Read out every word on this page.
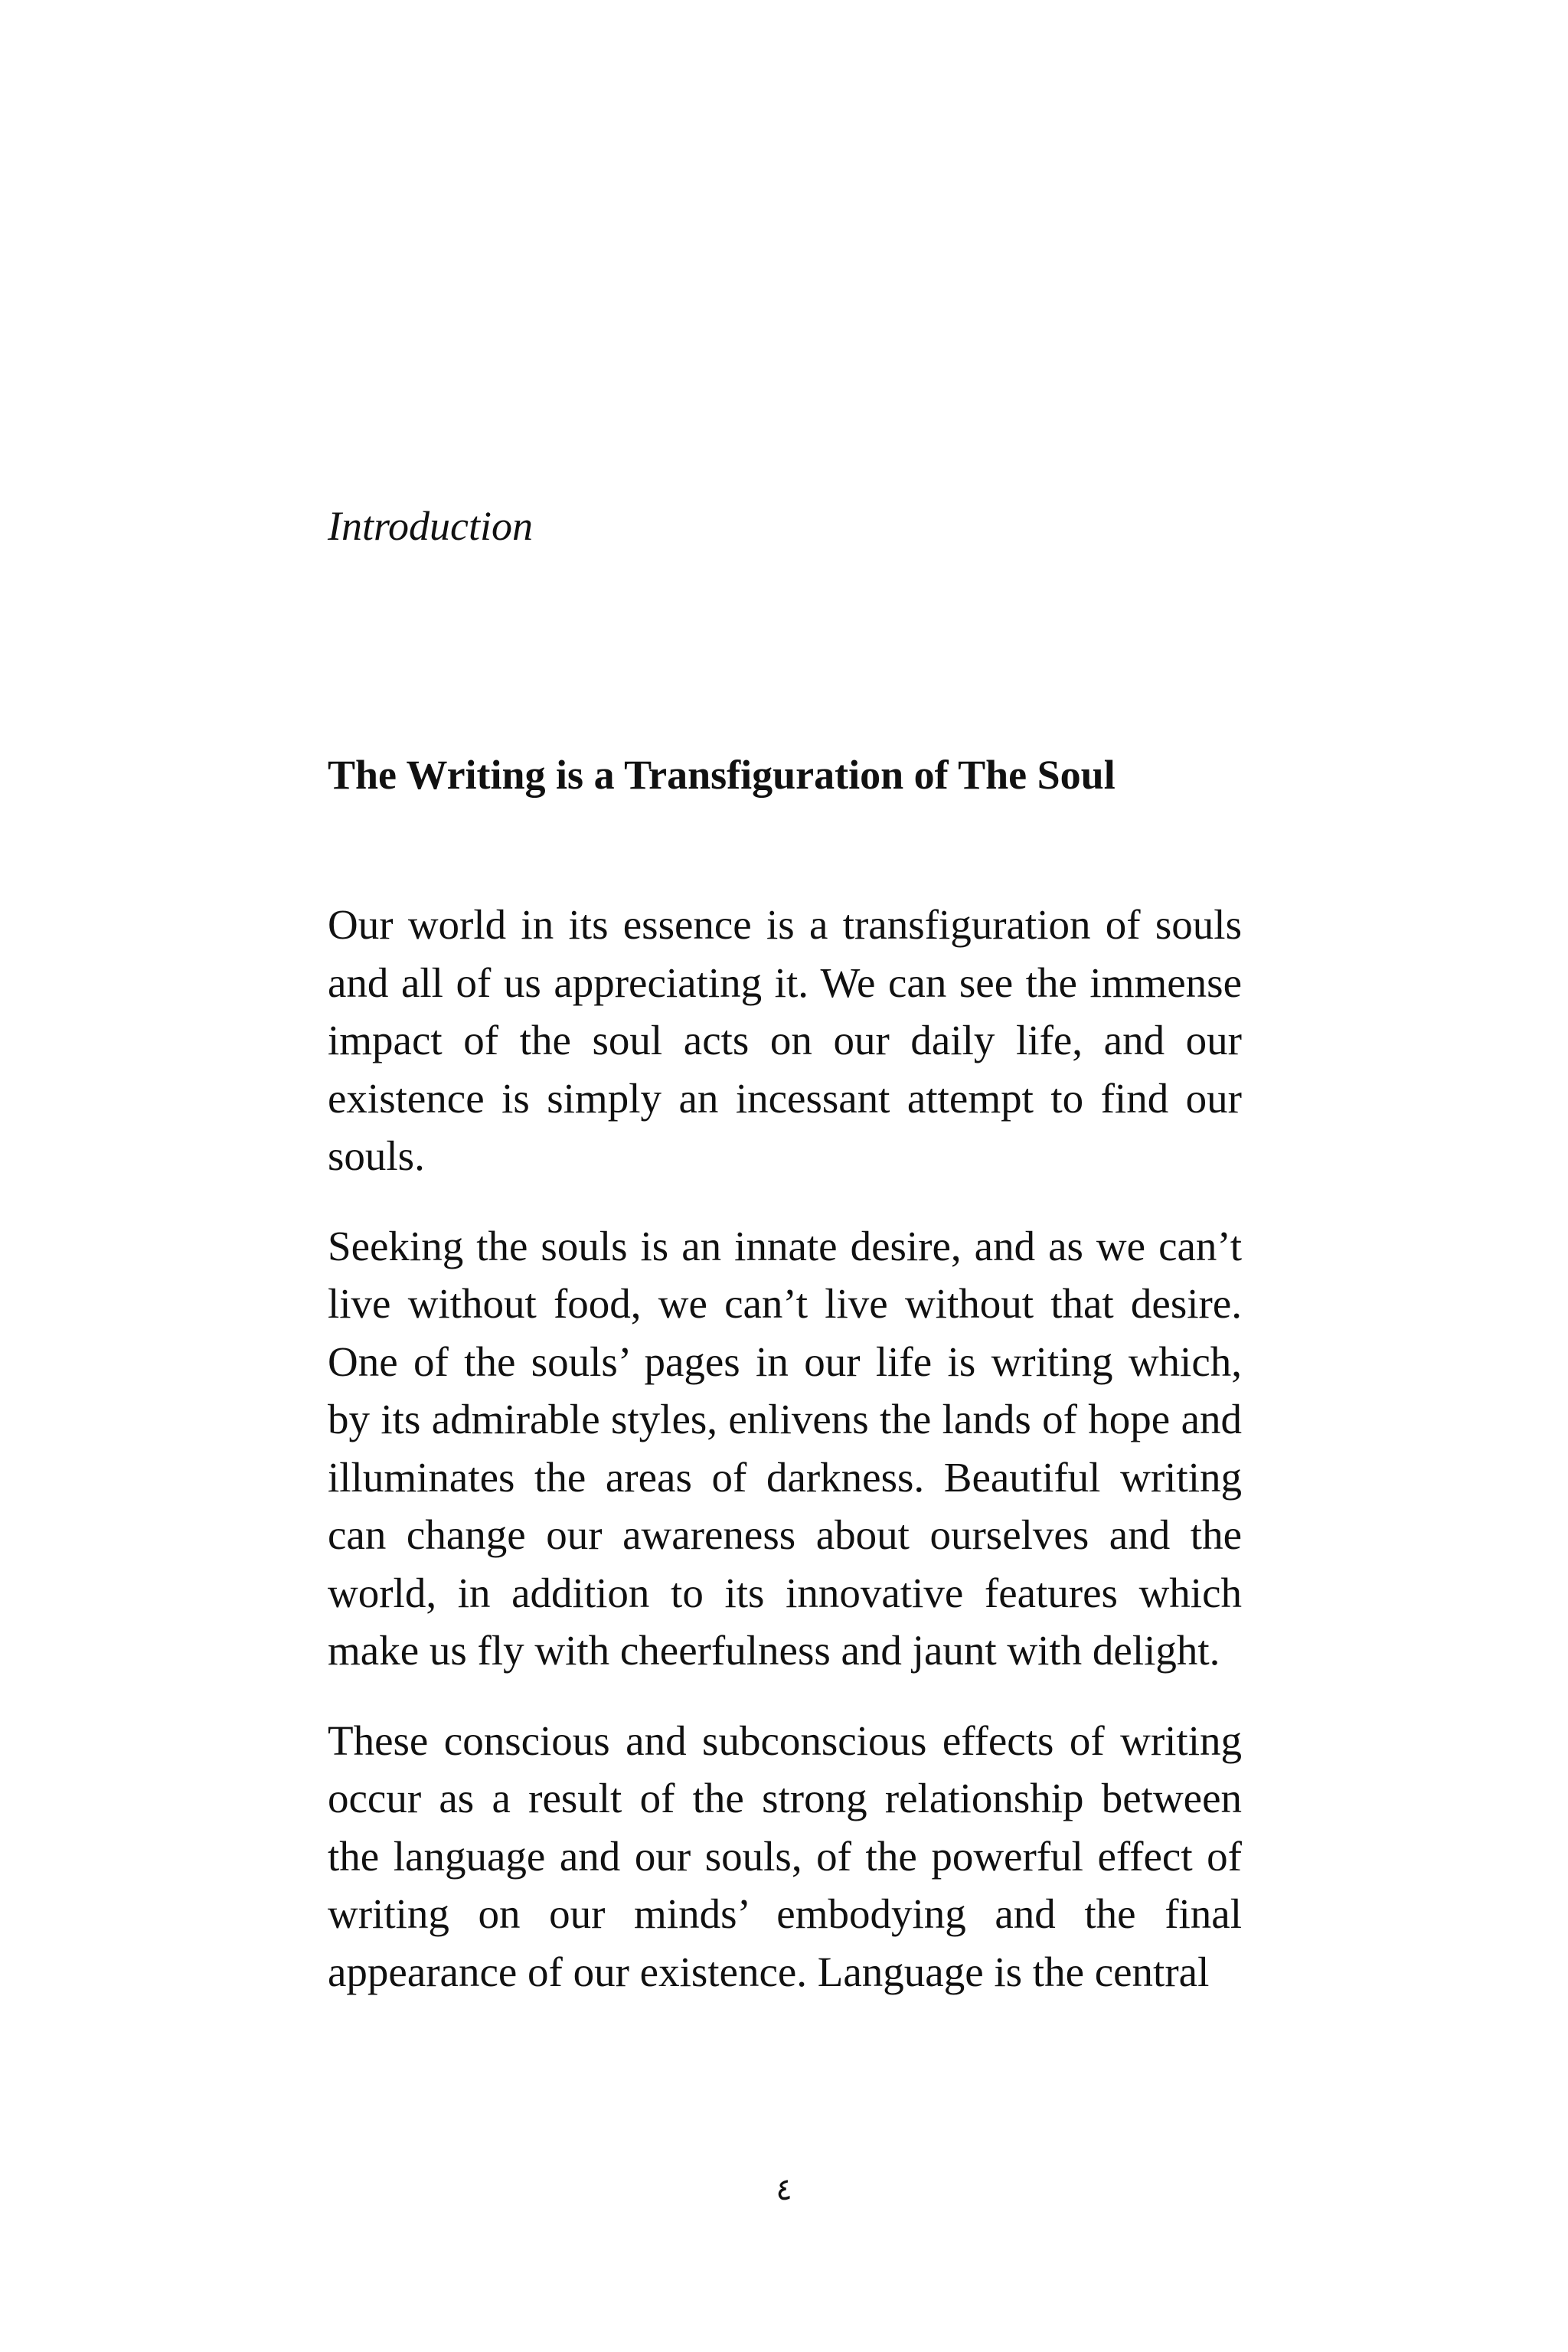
Introduction
The Writing is a Transfiguration of The Soul

Our world in its essence is a transfiguration of souls and all of us appreciating it. We can see the immense impact of the soul acts on our daily life, and our existence is simply an incessant attempt to find our souls.

Seeking the souls is an innate desire, and as we can’t live without food, we can’t live without that desire. One of the souls’ pages in our life is writing which, by its admirable styles, enlivens the lands of hope and illuminates the areas of darkness. Beautiful writing can change our awareness about ourselves and the world, in addition to its innovative features which make us fly with cheerfulness and jaunt with delight.

These conscious and subconscious effects of writing occur as a result of the strong relationship between the language and our souls, of the powerful effect of writing on our minds’ embodying and the final appearance of our existence. Language is the central

٤
